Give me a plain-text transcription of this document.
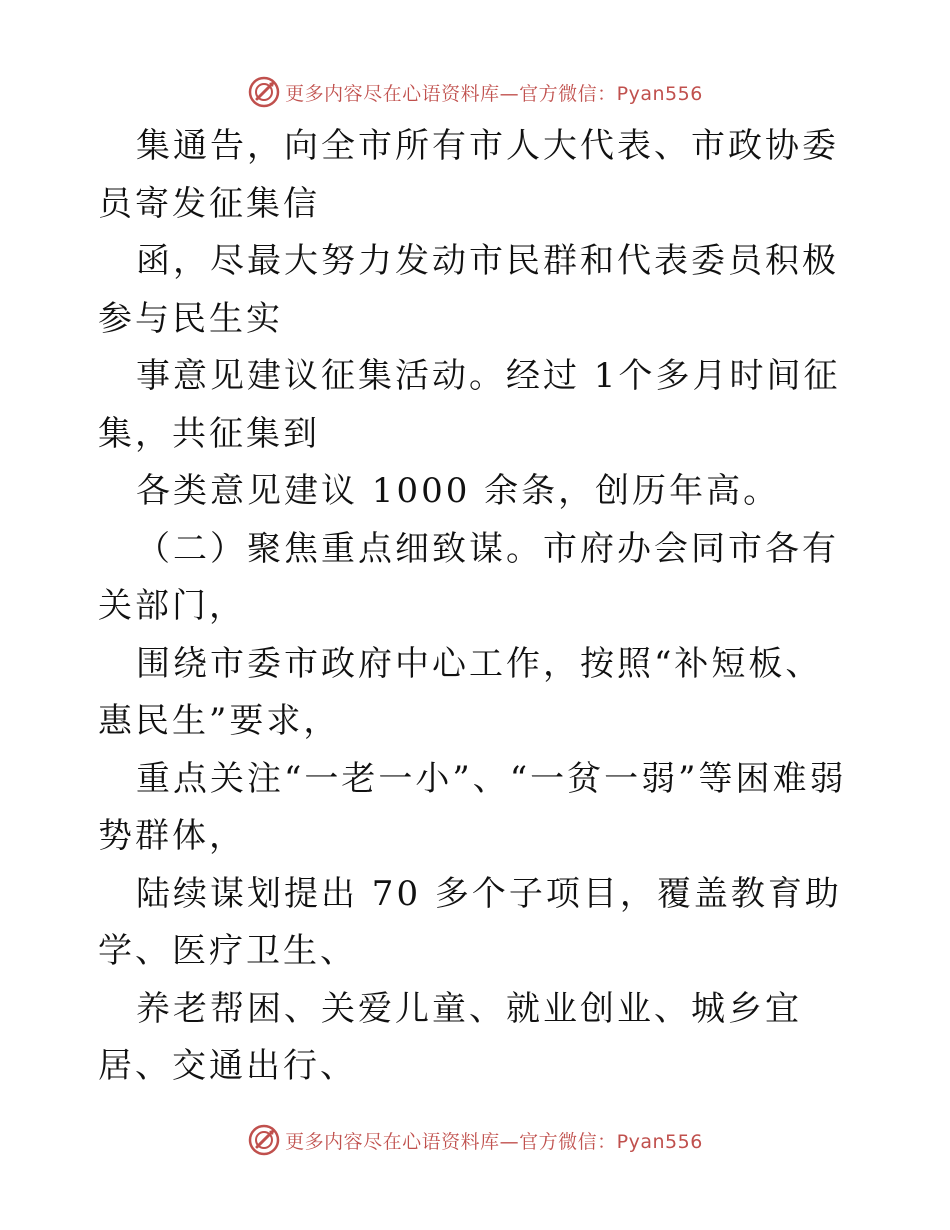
更多内容尽在心语资料库—官方微信：Pyan556

集通告，向全市所有市人大代表、市政协委员寄发征集信

函，尽最大努力发动市民群和代表委员积极参与民生实

事意见建议征集活动。经过 1个多月时间征集，共征集到

各类意见建议 1000 余条，创历年高。

（二）聚焦重点细致谋。市府办会同市各有关部门，

围绕市委市政府中心工作，按照“补短板、惠民生”要求，

重点关注“一老一小”、“一贫一弱”等困难弱势群体，

陆续谋划提出 70 多个子项目，覆盖教育助学、医疗卫生、

养老帮困、关爱儿童、就业创业、城乡宜居、交通出行、

更多内容尽在心语资料库—官方微信：Pyan556
